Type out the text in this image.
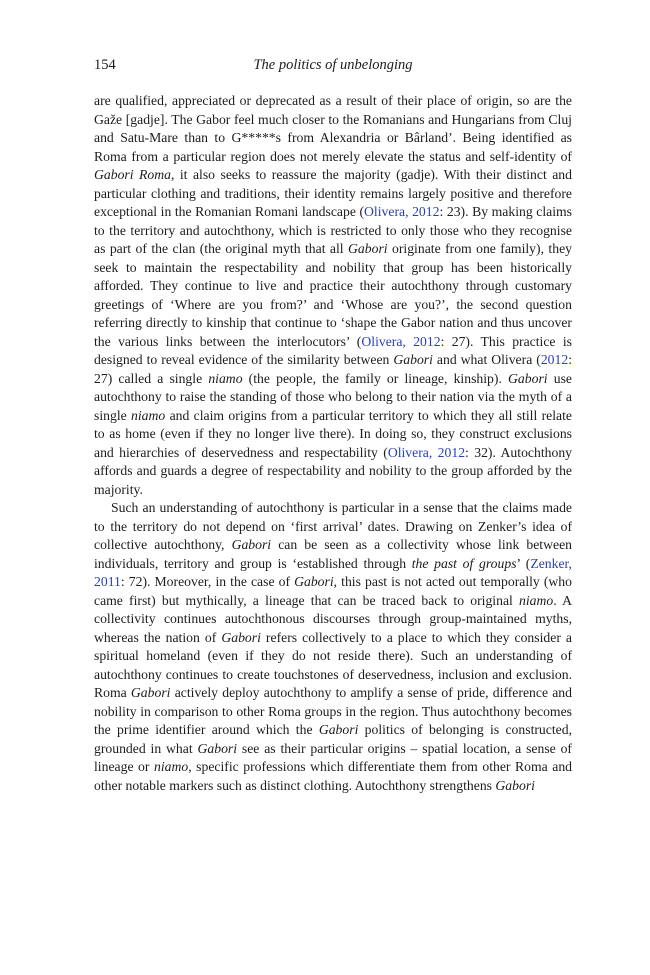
154	The politics of unbelonging

are qualified, appreciated or deprecated as a result of their place of origin, so are the Gaže [gadje]. The Gabor feel much closer to the Romanians and Hungarians from Cluj and Satu-Mare than to G*****s from Alexandria or Bârland’. Being identified as Roma from a particular region does not merely elevate the status and self-identity of Gabori Roma, it also seeks to reassure the majority (gadje). With their distinct and particular clothing and traditions, their identity remains largely positive and therefore exceptional in the Romanian Romani landscape (Olivera, 2012: 23). By making claims to the territory and autochthony, which is restricted to only those who they recognise as part of the clan (the original myth that all Gabori originate from one family), they seek to maintain the respectability and nobility that group has been historically afforded. They continue to live and practice their autochthony through customary greetings of ‘Where are you from?’ and ‘Whose are you?’, the second question referring directly to kinship that continue to ‘shape the Gabor nation and thus uncover the various links between the interlocutors’ (Olivera, 2012: 27). This practice is designed to reveal evidence of the similarity between Gabori and what Olivera (2012: 27) called a single niamo (the people, the family or lineage, kinship). Gabori use autochthony to raise the standing of those who belong to their nation via the myth of a single niamo and claim origins from a particular territory to which they all still relate to as home (even if they no longer live there). In doing so, they construct exclusions and hierarchies of deservedness and respectability (Olivera, 2012: 32). Autochthony affords and guards a degree of respectability and nobility to the group afforded by the majority.

Such an understanding of autochthony is particular in a sense that the claims made to the territory do not depend on ‘first arrival’ dates. Drawing on Zenker’s idea of collective autochthony, Gabori can be seen as a collectivity whose link between individuals, territory and group is ‘established through the past of groups’ (Zenker, 2011: 72). Moreover, in the case of Gabori, this past is not acted out temporally (who came first) but mythically, a lineage that can be traced back to original niamo. A collectivity continues autochthonous discourses through group-maintained myths, whereas the nation of Gabori refers collectively to a place to which they consider a spiritual homeland (even if they do not reside there). Such an understanding of autochthony continues to create touchstones of deservedness, inclusion and exclusion. Roma Gabori actively deploy autochthony to amplify a sense of pride, difference and nobility in comparison to other Roma groups in the region. Thus autochthony becomes the prime identifier around which the Gabori politics of belonging is constructed, grounded in what Gabori see as their particular origins – spatial location, a sense of lineage or niamo, specific professions which differentiate them from other Roma and other notable markers such as distinct clothing. Autochthony strengthens Gabori
